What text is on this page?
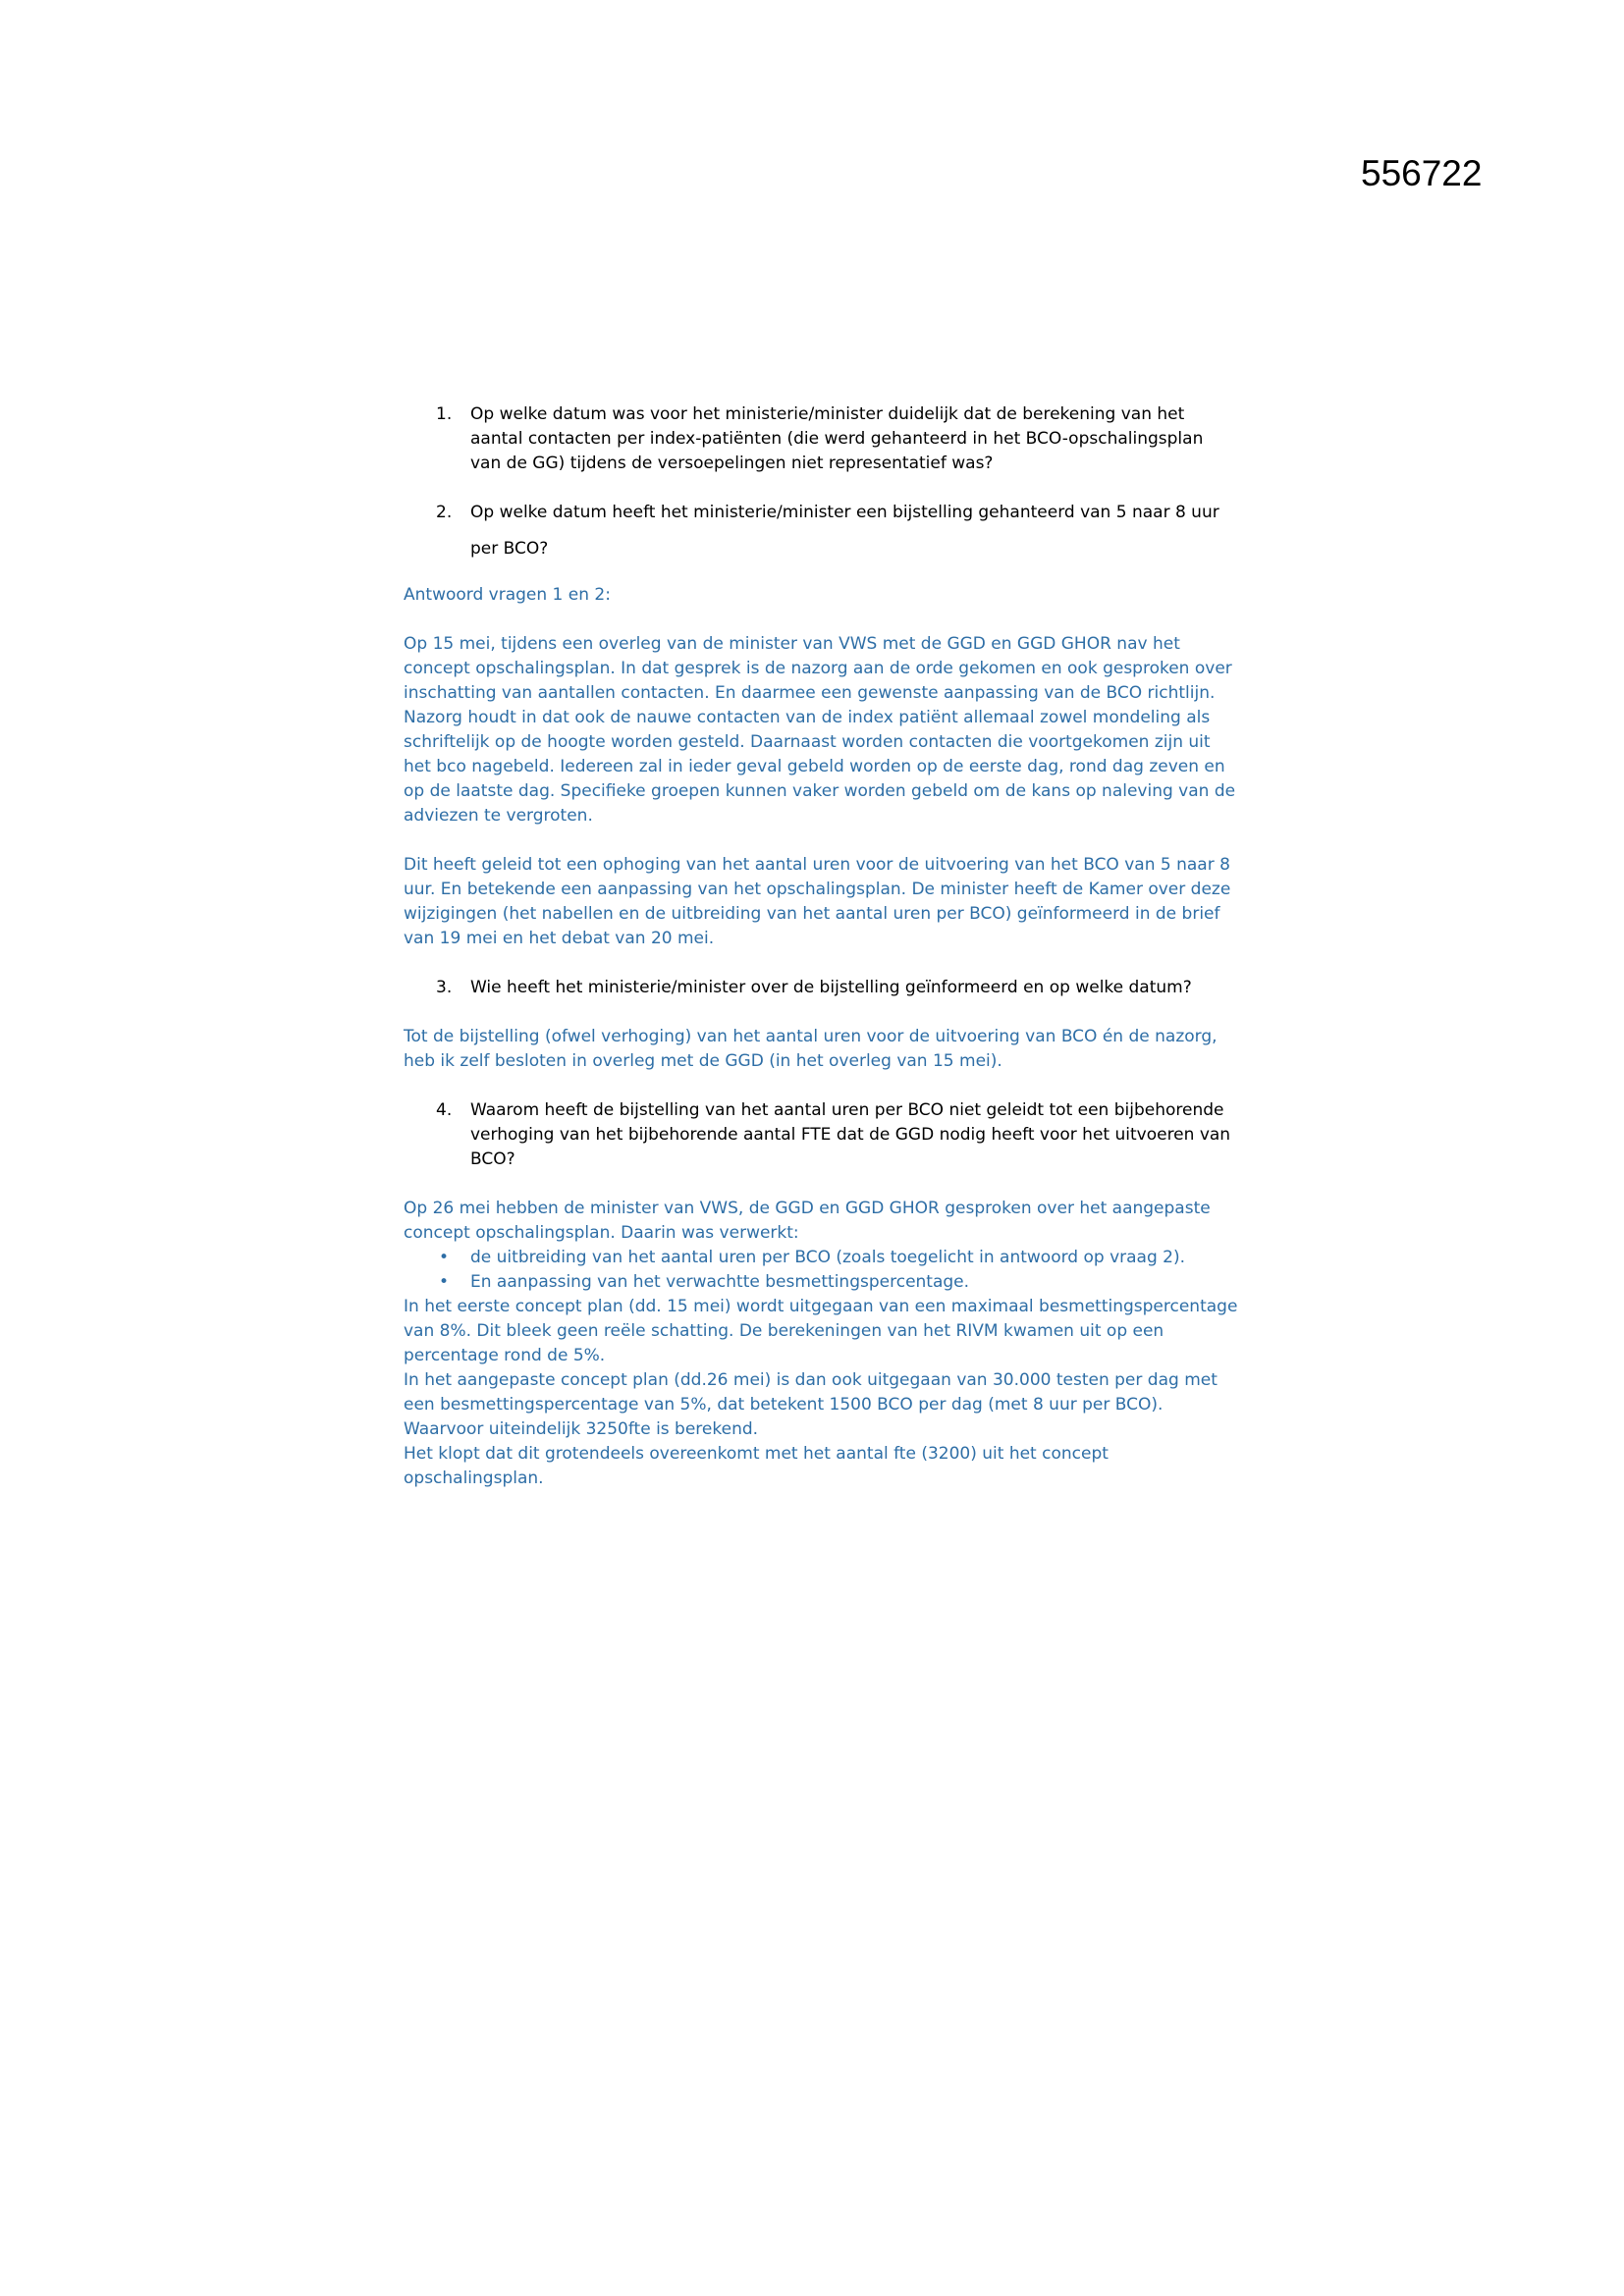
556722
1. Op welke datum was voor het ministerie/minister duidelijk dat de berekening van het aantal contacten per index-patiënten (die werd gehanteerd in het BCO-opschalingsplan van de GG) tijdens de versoepelingen niet representatief was?
2. Op welke datum heeft het ministerie/minister een bijstelling gehanteerd van 5 naar 8 uur
per BCO?

Antwoord vragen 1 en 2:

Op 15 mei, tijdens een overleg van de minister van VWS met de GGD en GGD GHOR nav het concept opschalingsplan. In dat gesprek is de nazorg aan de orde gekomen en ook gesproken over inschatting van aantallen contacten. En daarmee een gewenste aanpassing van de BCO richtlijn. Nazorg houdt in dat ook de nauwe contacten van de index patiënt allemaal zowel mondeling als schriftelijk op de hoogte worden gesteld. Daarnaast worden contacten die voortgekomen zijn uit het bco nagebeld. Iedereen zal in ieder geval gebeld worden op de eerste dag, rond dag zeven en op de laatste dag. Specifieke groepen kunnen vaker worden gebeld om de kans op naleving van de adviezen te vergroten.

Dit heeft geleid tot een ophoging van het aantal uren voor de uitvoering van het BCO van 5 naar 8 uur. En betekende een aanpassing van het opschalingsplan. De minister heeft de Kamer over deze wijzigingen (het nabellen en de uitbreiding van het aantal uren per BCO) geïnformeerd in de brief van 19 mei en het debat van 20 mei.

3. Wie heeft het ministerie/minister over de bijstelling geïnformeerd en op welke datum?

Tot de bijstelling (ofwel verhoging) van het aantal uren voor de uitvoering van BCO én de nazorg, heb ik zelf besloten in overleg met de GGD (in het overleg van 15 mei).

4. Waarom heeft de bijstelling van het aantal uren per BCO niet geleidt tot een bijbehorende verhoging van het bijbehorende aantal FTE dat de GGD nodig heeft voor het uitvoeren van BCO?

Op 26 mei hebben de minister van VWS, de GGD en GGD GHOR gesproken over het aangepaste concept opschalingsplan. Daarin was verwerkt:

• de uitbreiding van het aantal uren per BCO (zoals toegelicht in antwoord op vraag 2).
• En aanpassing van het verwachtte besmettingspercentage.

In het eerste concept plan (dd. 15 mei) wordt uitgegaan van een maximaal besmettingspercentage van 8%. Dit bleek geen reële schatting. De berekeningen van het RIVM kwamen uit op een percentage rond de 5%.

In het aangepaste concept plan (dd.26 mei) is dan ook uitgegaan van 30.000 testen per dag met een besmettingspercentage van 5%, dat betekent 1500 BCO per dag (met 8 uur per BCO). Waarvoor uiteindelijk 3250fte is berekend.

Het klopt dat dit grotendeels overeenkomt met het aantal fte (3200) uit het concept opschalingsplan.
